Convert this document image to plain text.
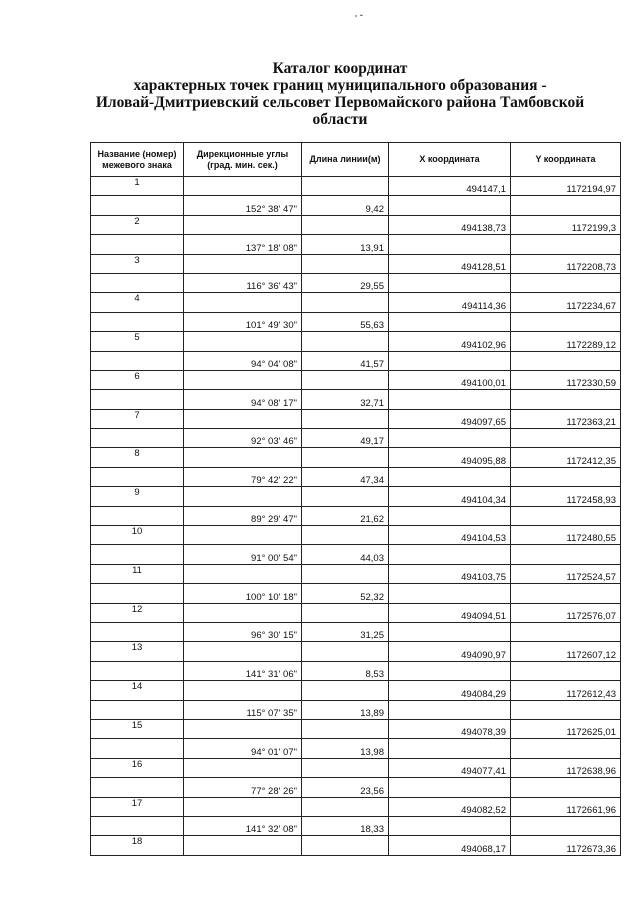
' ˇ
Каталог координат
характерных точек границ муниципального образования -
Иловай-Дмитриевский сельсовет Первомайского района Тамбовской
области
Название (номер) межевого знака	Дирекционные углы (град. мин. сек.)	Длина линии(м)	X координата	Y координата
1			494147,1	1172194,97
	152° 38' 47"	9,42		
2			494138,73	1172199,3
	137° 18' 08"	13,91		
3			494128,51	1172208,73
	116° 36' 43"	29,55		
4			494114,36	1172234,67
	101° 49' 30"	55,63		
5			494102,96	1172289,12
	94° 04' 08"	41,57		
6			494100,01	1172330,59
	94° 08' 17"	32,71		
7			494097,65	1172363,21
	92° 03' 46"	49,17		
8			494095,88	1172412,35
	79° 42' 22"	47,34		
9			494104,34	1172458,93
	89° 29' 47"	21,62		
10			494104,53	1172480,55
	91° 00' 54"	44,03		
11			494103,75	1172524,57
	100° 10' 18"	52,32		
12			494094,51	1172576,07
	96° 30' 15"	31,25		
13			494090,97	1172607,12
	141° 31' 06"	8,53		
14			494084,29	1172612,43
	115° 07' 35"	13,89		
15			494078,39	1172625,01
	94° 01' 07"	13,98		
16			494077,41	1172638,96
	77° 28' 26"	23,56		
17			494082,52	1172661,96
	141° 32' 08"	18,33		
18			494068,17	1172673,36
